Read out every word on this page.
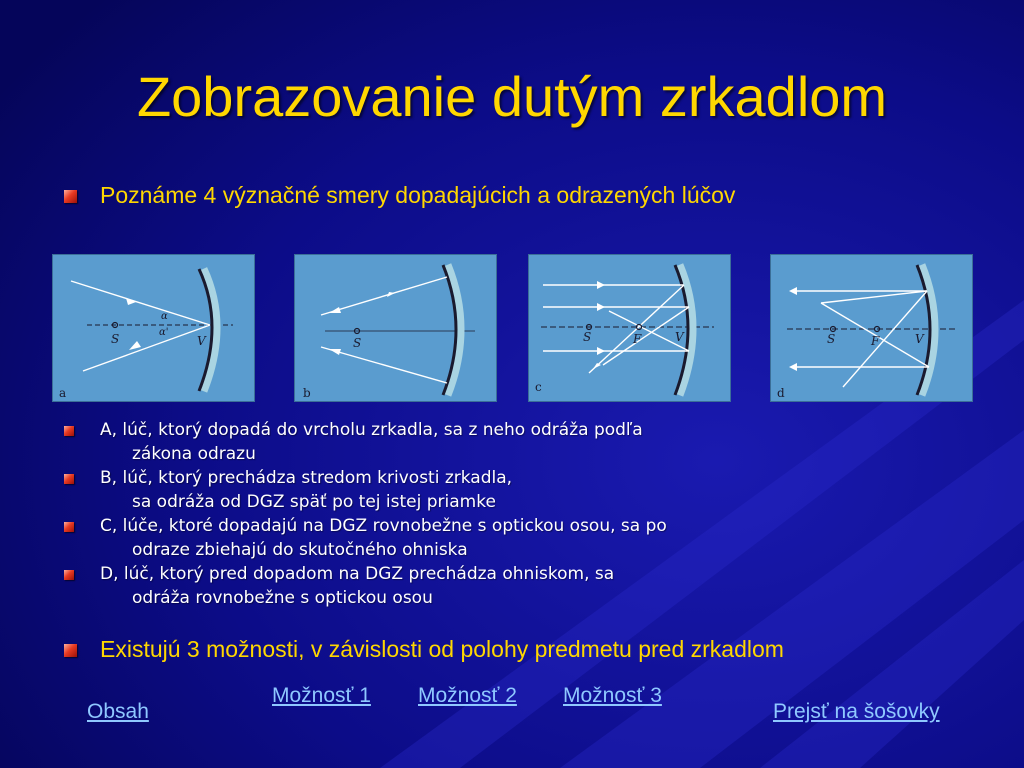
Zobrazovanie dutým zrkadlom
Poznáme 4 význačné smery dopadajúcich a odrazených lúčov
S	V
α
α'
a
S
b
S	F	V
c
S	F	V
d
A, lúč, ktorý dopadá do vrcholu zrkadla, sa z neho odráža podľa
zákona odrazu
B, lúč, ktorý prechádza stredom krivosti zrkadla,
sa odráža od DGZ späť po tej istej priamke
C, lúče, ktoré dopadajú na DGZ rovnobežne s optickou osou, sa po
odraze zbiehajú do skutočného ohniska
D, lúč, ktorý pred dopadom na DGZ prechádza ohniskom, sa
odráža rovnobežne s optickou osou
Existujú 3 možnosti, v závislosti od polohy predmetu pred zrkadlom
Možnosť 1 Možnosť 2 Možnosť 3
Obsah	Prejsť na šošovky
